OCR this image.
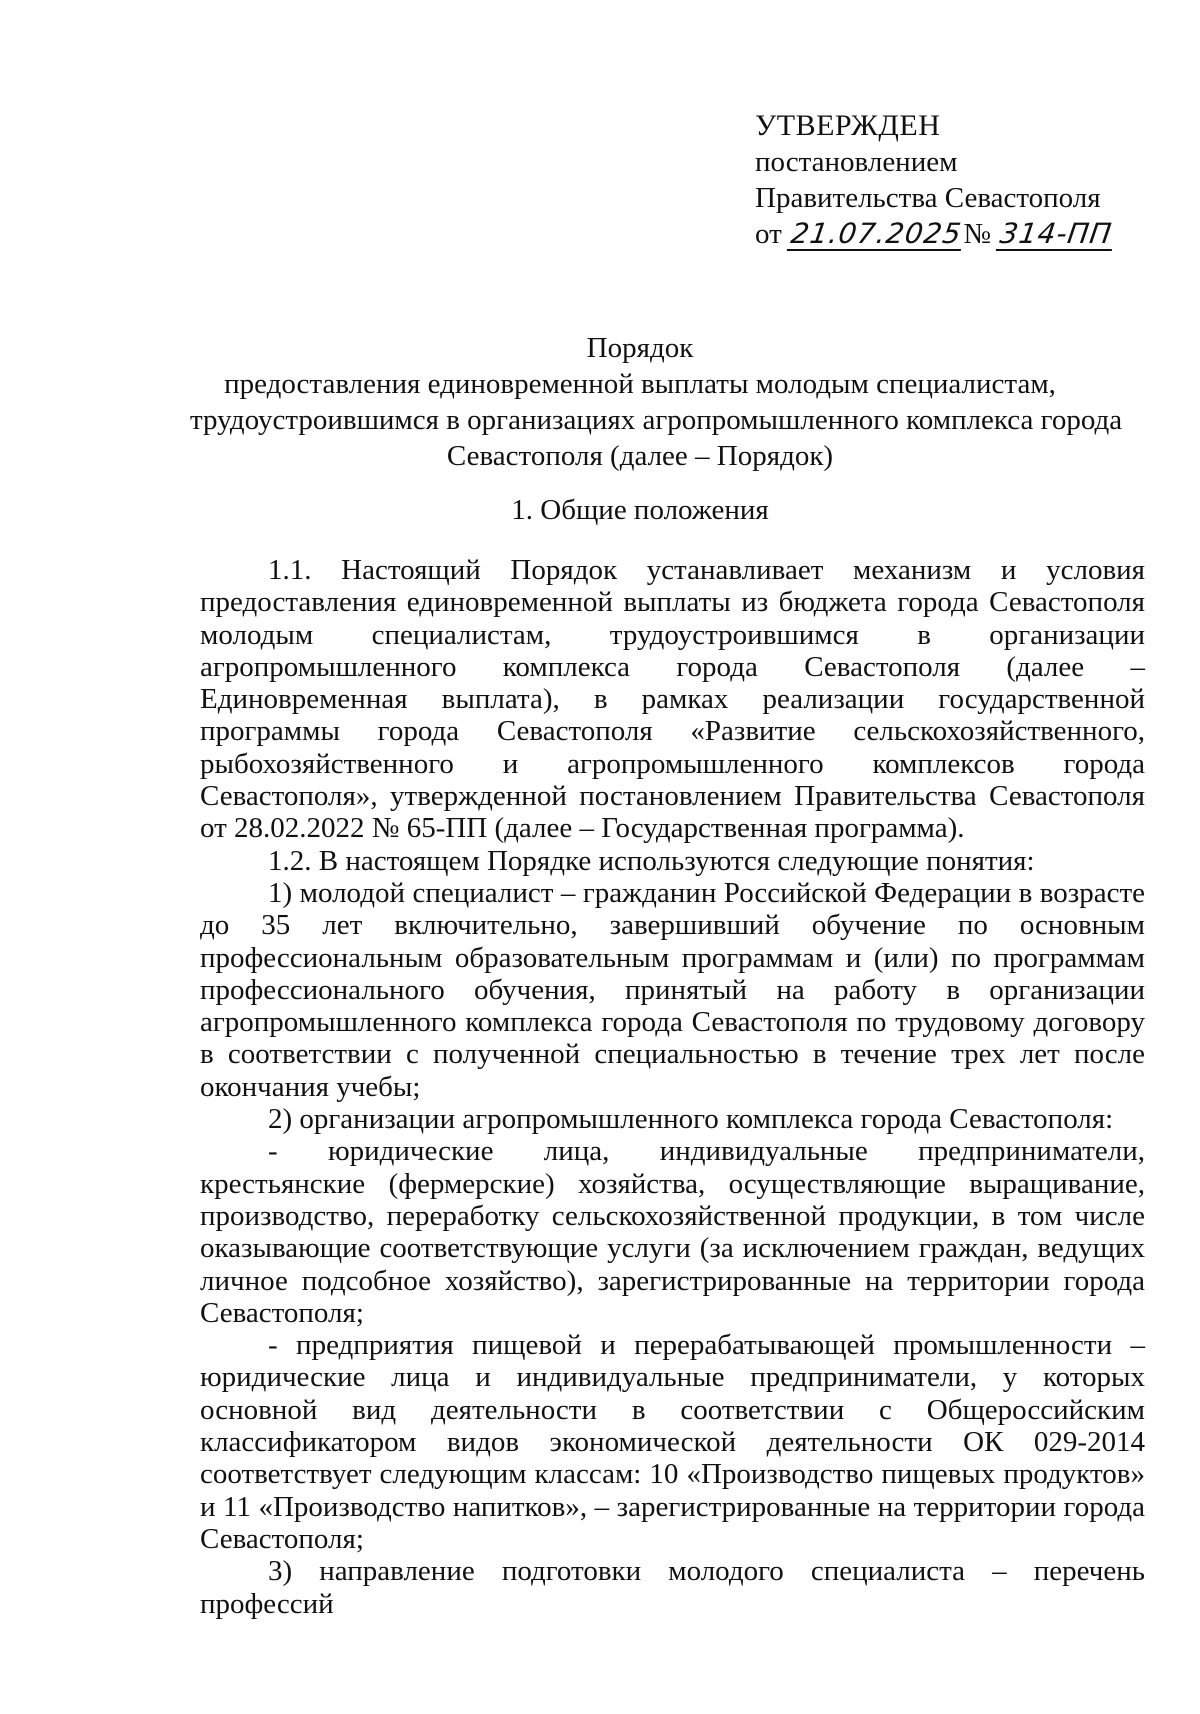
УТВЕРЖДЕН
постановлением
Правительства Севастополя
от 21.07.2025№ 314-ПП
Порядок
предоставления единовременной выплаты молодым специалистам,
трудоустроившимся в организациях агропромышленного комплекса города
Севастополя (далее – Порядок)
1. Общие положения

1.1. Настоящий Порядок устанавливает механизм и условия предоставления единовременной выплаты из бюджета города Севастополя молодым специалистам, трудоустроившимся в организации агропромышленного комплекса города Севастополя (далее – Единовременная выплата), в рамках реализации государственной программы города Севастополя «Развитие сельскохозяйственного, рыбохозяйственного и агропромышленного комплексов города Севастополя», утвержденной постановлением Правительства Севастополя от 28.02.2022 № 65-ПП (далее – Государственная программа).

1.2. В настоящем Порядке используются следующие понятия:

1) молодой специалист – гражданин Российской Федерации в возрасте до 35 лет включительно, завершивший обучение по основным профессиональным образовательным программам и (или) по программам профессионального обучения, принятый на работу в организации агропромышленного комплекса города Севастополя по трудовому договору в соответствии с полученной специальностью в течение трех лет после окончания учебы;

2) организации агропромышленного комплекса города Севастополя:

- юридические лица, индивидуальные предприниматели, крестьянские (фермерские) хозяйства, осуществляющие выращивание, производство, переработку сельскохозяйственной продукции, в том числе оказывающие соответствующие услуги (за исключением граждан, ведущих личное подсобное хозяйство), зарегистрированные на территории города Севастополя;

- предприятия пищевой и перерабатывающей промышленности – юридические лица и индивидуальные предприниматели, у которых основной вид деятельности в соответствии с Общероссийским классификатором видов экономической деятельности ОК 029-2014 соответствует следующим классам: 10 «Производство пищевых продуктов» и 11 «Производство напитков», – зарегистрированные на территории города Севастополя;

3) направление подготовки молодого специалиста – перечень профессий
